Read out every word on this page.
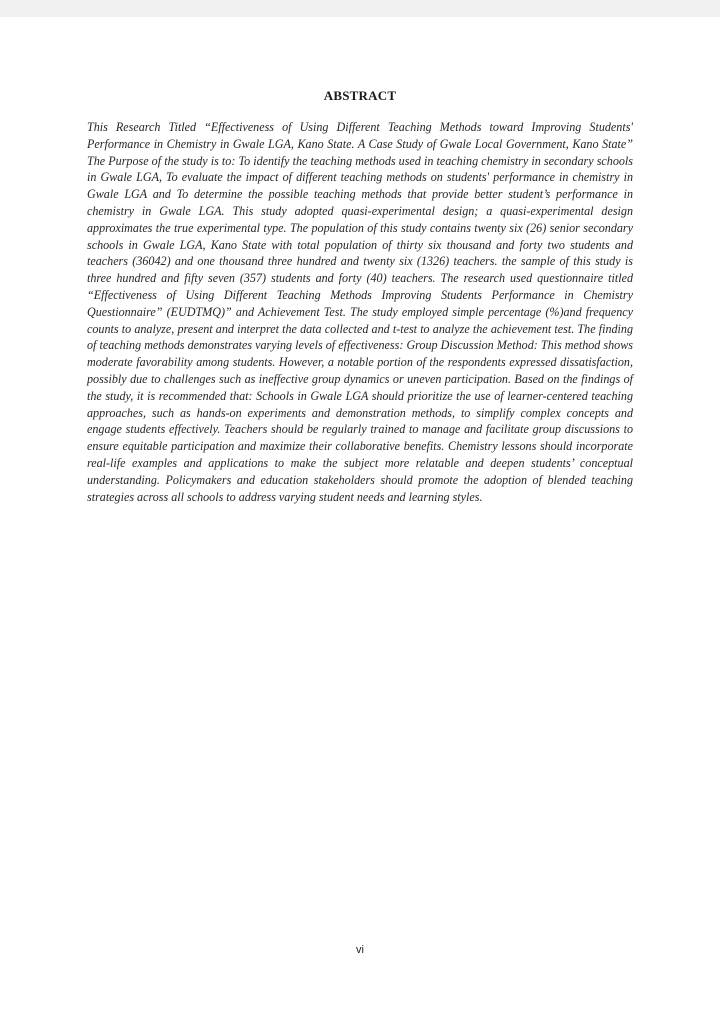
ABSTRACT

This Research Titled “Effectiveness of Using Different Teaching Methods toward Improving Students' Performance in Chemistry in Gwale LGA, Kano State. A Case Study of Gwale Local Government, Kano State” The Purpose of the study is to: To identify the teaching methods used in teaching chemistry in secondary schools in Gwale LGA, To evaluate the impact of different teaching methods on students' performance in chemistry in Gwale LGA and To determine the possible teaching methods that provide better student’s performance in chemistry in Gwale LGA. This study adopted quasi-experimental design; a quasi-experimental design approximates the true experimental type. The population of this study contains twenty six (26) senior secondary schools in Gwale LGA, Kano State with total population of thirty six thousand and forty two students and teachers (36042) and one thousand three hundred and twenty six (1326) teachers. the sample of this study is three hundred and fifty seven (357) students and forty (40) teachers. The research used questionnaire titled “Effectiveness of Using Different Teaching Methods Improving Students Performance in Chemistry Questionnaire” (EUDTMQ)” and Achievement Test. The study employed simple percentage (%)and frequency counts to analyze, present and interpret the data collected and t-test to analyze the achievement test. The finding of teaching methods demonstrates varying levels of effectiveness: Group Discussion Method: This method shows moderate favorability among students. However, a notable portion of the respondents expressed dissatisfaction, possibly due to challenges such as ineffective group dynamics or uneven participation. Based on the findings of the study, it is recommended that: Schools in Gwale LGA should prioritize the use of learner-centered teaching approaches, such as hands-on experiments and demonstration methods, to simplify complex concepts and engage students effectively. Teachers should be regularly trained to manage and facilitate group discussions to ensure equitable participation and maximize their collaborative benefits. Chemistry lessons should incorporate real-life examples and applications to make the subject more relatable and deepen students’ conceptual understanding. Policymakers and education stakeholders should promote the adoption of blended teaching strategies across all schools to address varying student needs and learning styles.

vi
